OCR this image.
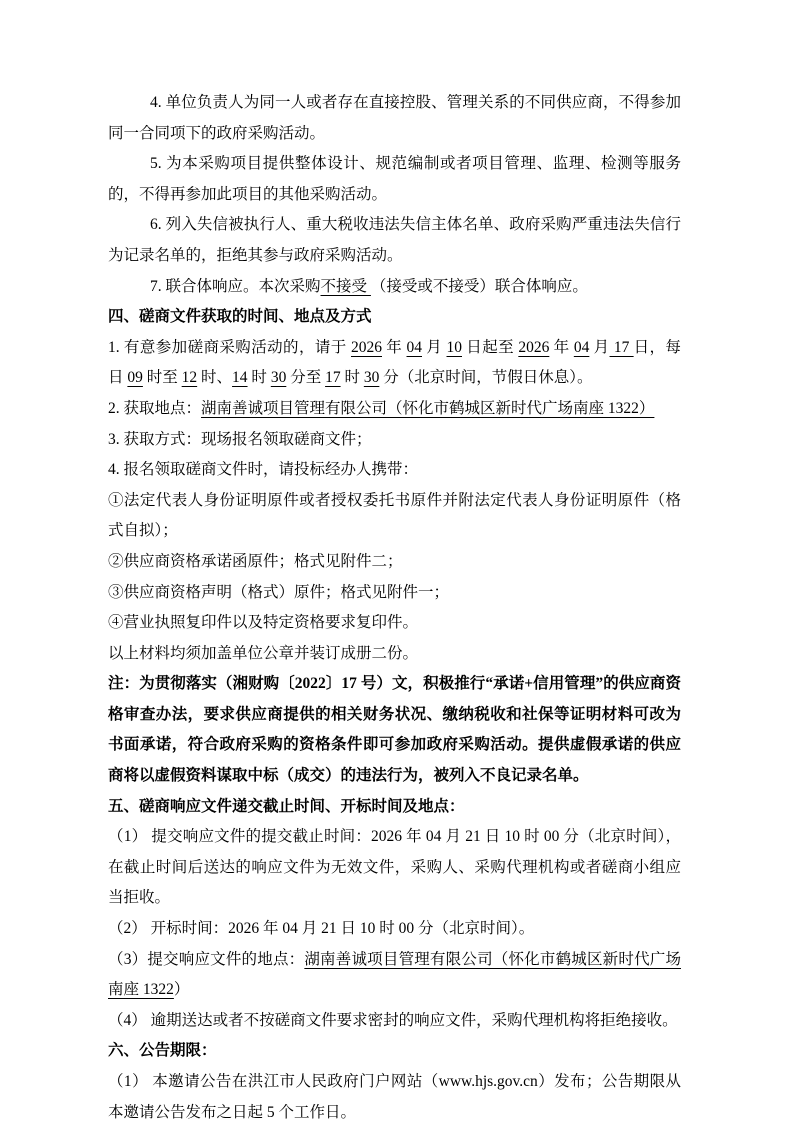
4. 单位负责人为同一人或者存在直接控股、管理关系的不同供应商，不得参加同一合同项下的政府采购活动。

5. 为本采购项目提供整体设计、规范编制或者项目管理、监理、检测等服务的，不得再参加此项目的其他采购活动。

6. 列入失信被执行人、重大税收违法失信主体名单、政府采购严重违法失信行为记录名单的，拒绝其参与政府采购活动。

7. 联合体响应。本次采购不接受 （接受或不接受）联合体响应。

四、磋商文件获取的时间、地点及方式

1. 有意参加磋商采购活动的，请于 2026 年 04 月 10 日起至 2026 年 04 月 17 日，每日 09 时至 12 时、14 时 30 分至 17 时 30 分（北京时间，节假日休息）。

2. 获取地点：湖南善诚项目管理有限公司（怀化市鹤城区新时代广场南座 1322）

3. 获取方式：现场报名领取磋商文件；

4. 报名领取磋商文件时，请投标经办人携带：

①法定代表人身份证明原件或者授权委托书原件并附法定代表人身份证明原件（格式自拟）；

②供应商资格承诺函原件；格式见附件二；

③供应商资格声明（格式）原件；格式见附件一；

④营业执照复印件以及特定资格要求复印件。

以上材料均须加盖单位公章并装订成册二份。

注：为贯彻落实（湘财购〔2022〕17 号）文，积极推行“承诺+信用管理”的供应商资格审查办法，要求供应商提供的相关财务状况、缴纳税收和社保等证明材料可改为书面承诺，符合政府采购的资格条件即可参加政府采购活动。提供虚假承诺的供应商将以虚假资料谋取中标（成交）的违法行为，被列入不良记录名单。

五、磋商响应文件递交截止时间、开标时间及地点：

（1） 提交响应文件的提交截止时间：2026 年 04 月 21 日 10 时 00 分（北京时间），在截止时间后送达的响应文件为无效文件，采购人、采购代理机构或者磋商小组应当拒收。

（2） 开标时间：2026 年 04 月 21 日 10 时 00 分（北京时间）。

（3）提交响应文件的地点：湖南善诚项目管理有限公司（怀化市鹤城区新时代广场南座 1322）

（4） 逾期送达或者不按磋商文件要求密封的响应文件，采购代理机构将拒绝接收。

六、公告期限：

（1） 本邀请公告在洪江市人民政府门户网站（www.hjs.gov.cn）发布；公告期限从本邀请公告发布之日起 5 个工作日。
